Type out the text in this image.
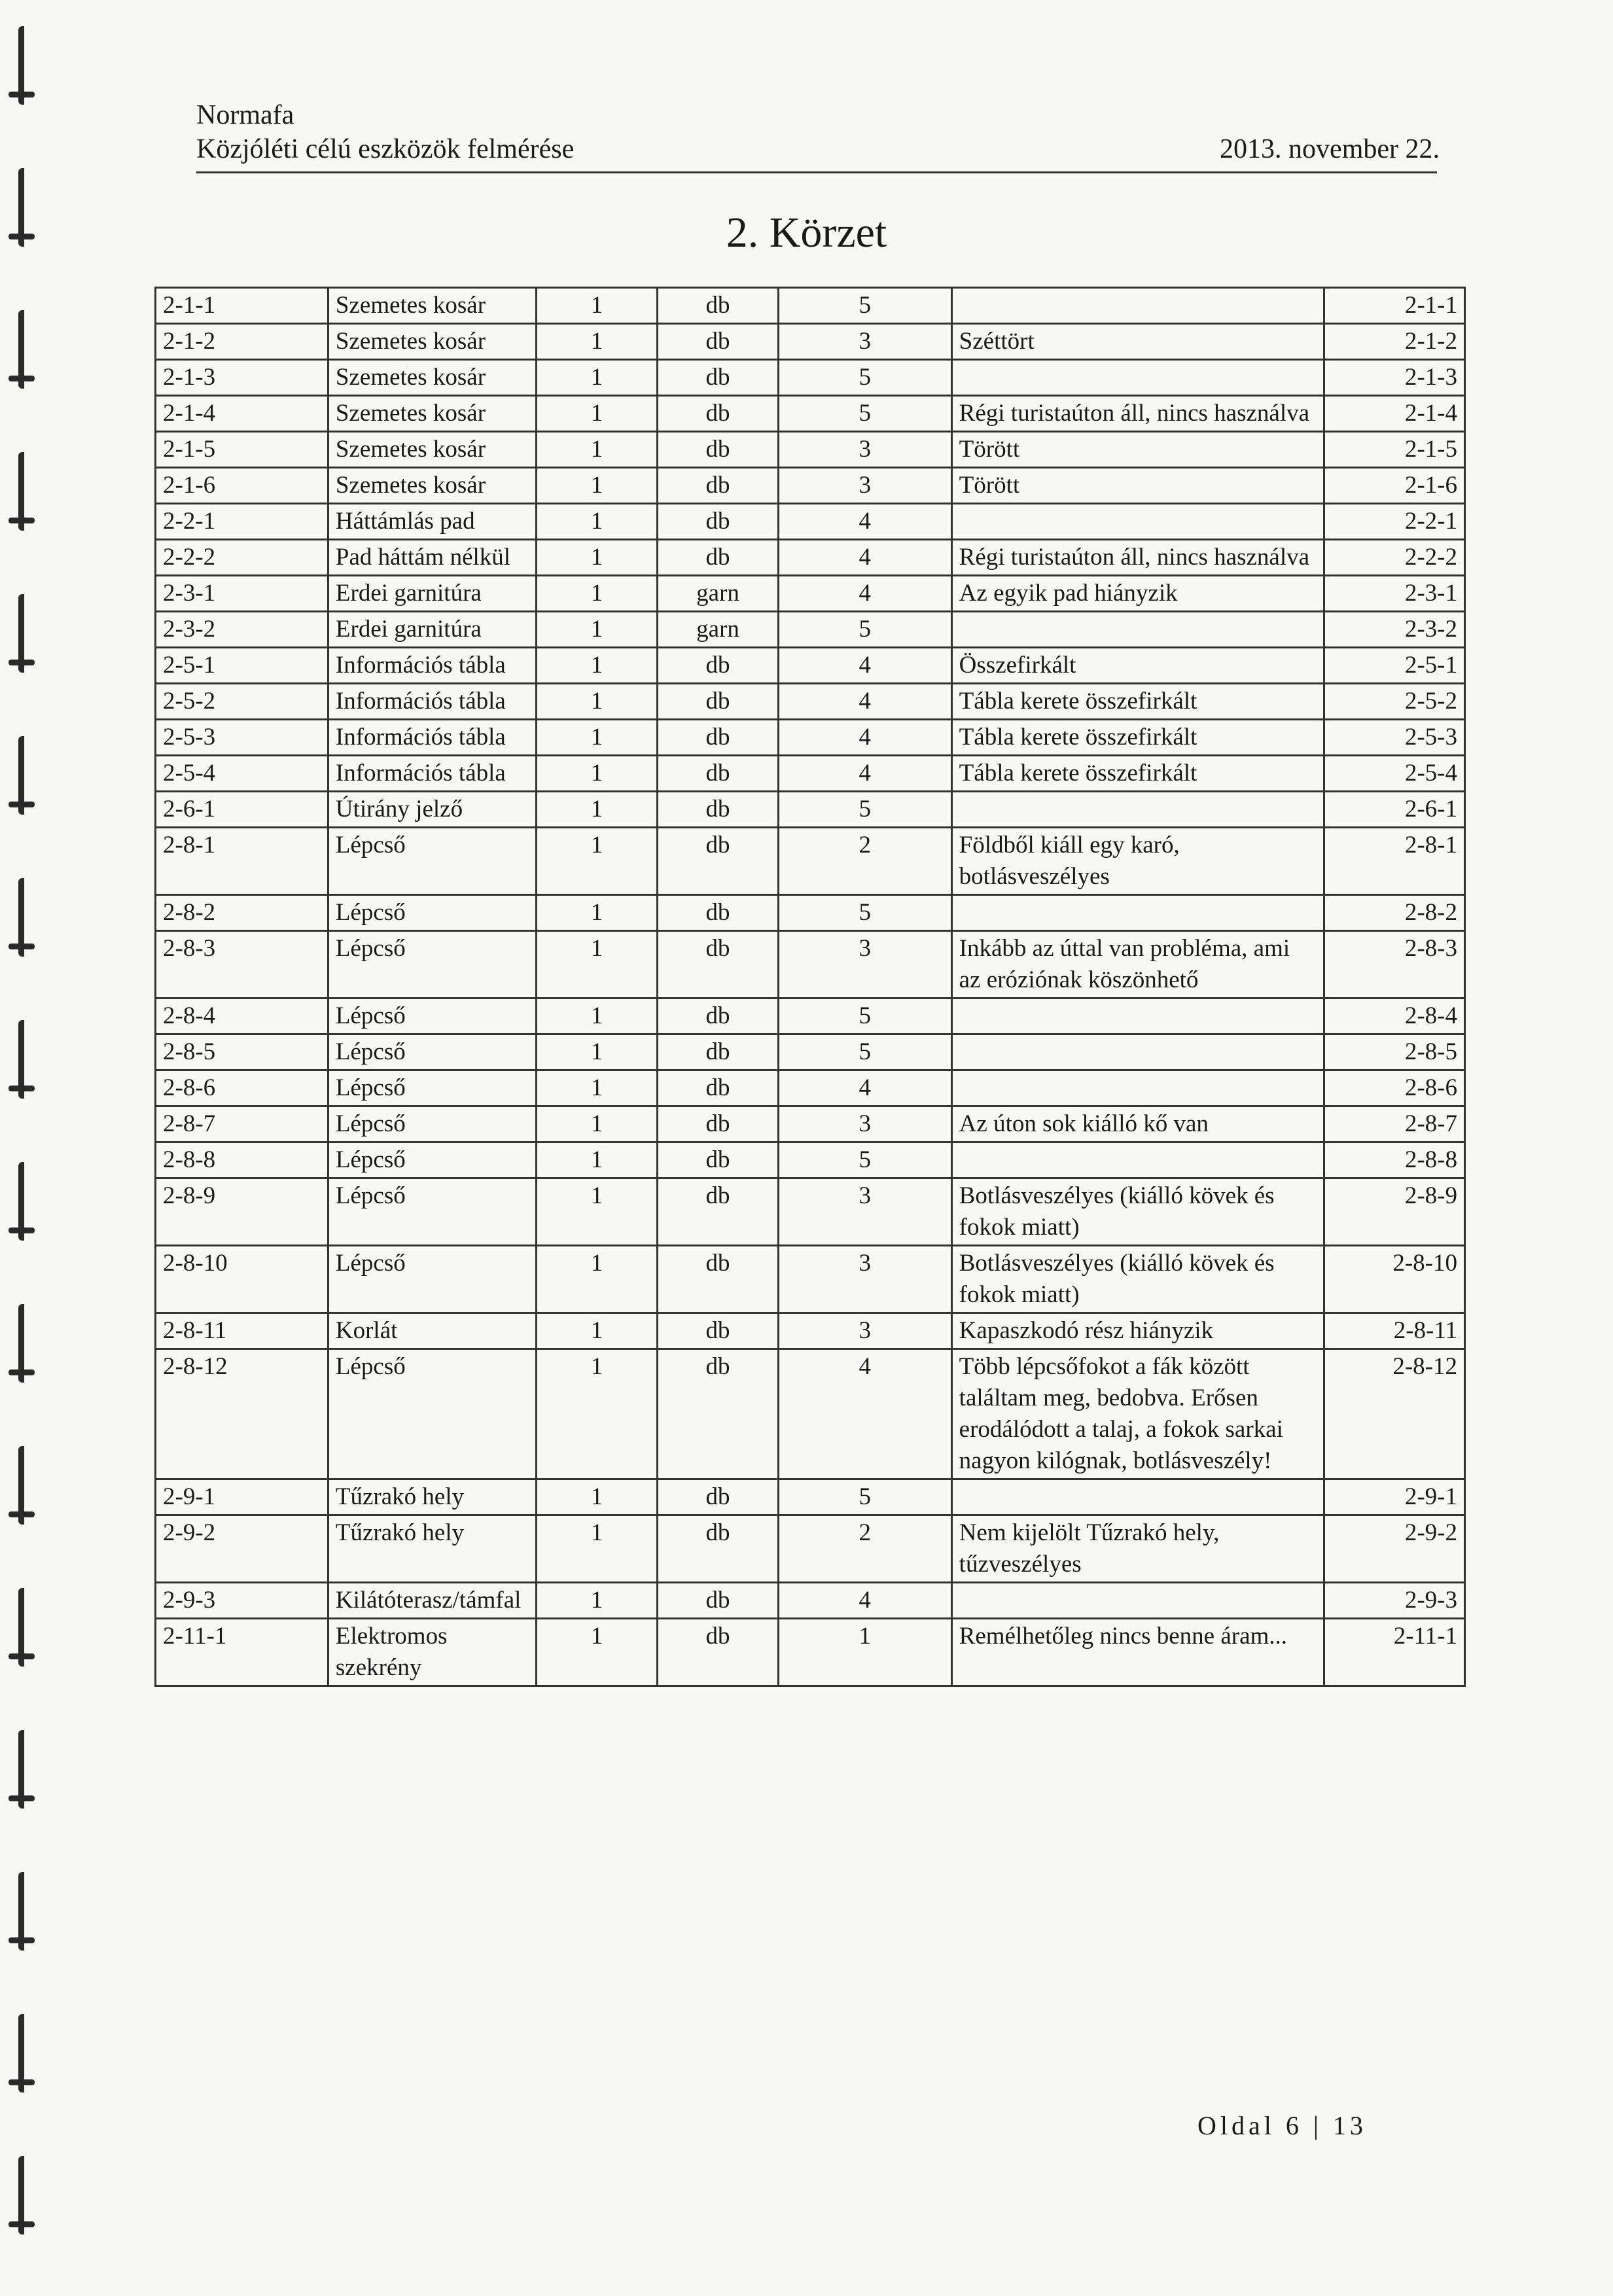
Normafa
Közjóléti célú eszközök felmérése	2013. november 22.
2. Körzet
2-1-1	Szemetes kosár	1	db	5		2-1-1
2-1-2	Szemetes kosár	1	db	3	Széttört	2-1-2
2-1-3	Szemetes kosár	1	db	5		2-1-3
2-1-4	Szemetes kosár	1	db	5	Régi turistaúton áll, nincs használva	2-1-4
2-1-5	Szemetes kosár	1	db	3	Törött	2-1-5
2-1-6	Szemetes kosár	1	db	3	Törött	2-1-6
2-2-1	Háttámlás pad	1	db	4		2-2-1
2-2-2	Pad háttám nélkül	1	db	4	Régi turistaúton áll, nincs használva	2-2-2
2-3-1	Erdei garnitúra	1	garn	4	Az egyik pad hiányzik	2-3-1
2-3-2	Erdei garnitúra	1	garn	5		2-3-2
2-5-1	Információs tábla	1	db	4	Összefirkált	2-5-1
2-5-2	Információs tábla	1	db	4	Tábla kerete összefirkált	2-5-2
2-5-3	Információs tábla	1	db	4	Tábla kerete összefirkált	2-5-3
2-5-4	Információs tábla	1	db	4	Tábla kerete összefirkált	2-5-4
2-6-1	Útirány jelző	1	db	5		2-6-1
2-8-1	Lépcső	1	db	2	Földből kiáll egy karó, botlásveszélyes	2-8-1
2-8-2	Lépcső	1	db	5		2-8-2
2-8-3	Lépcső	1	db	3	Inkább az úttal van probléma, ami az eróziónak köszönhető	2-8-3
2-8-4	Lépcső	1	db	5		2-8-4
2-8-5	Lépcső	1	db	5		2-8-5
2-8-6	Lépcső	1	db	4		2-8-6
2-8-7	Lépcső	1	db	3	Az úton sok kiálló kő van	2-8-7
2-8-8	Lépcső	1	db	5		2-8-8
2-8-9	Lépcső	1	db	3	Botlásveszélyes (kiálló kövek és fokok miatt)	2-8-9
2-8-10	Lépcső	1	db	3	Botlásveszélyes (kiálló kövek és fokok miatt)	2-8-10
2-8-11	Korlát	1	db	3	Kapaszkodó rész hiányzik	2-8-11
2-8-12	Lépcső	1	db	4	Több lépcsőfokot a fák között találtam meg, bedobva. Erősen erodálódott a talaj, a fokok sarkai nagyon kilógnak, botlásveszély!	2-8-12
2-9-1	Tűzrakó hely	1	db	5		2-9-1
2-9-2	Tűzrakó hely	1	db	2	Nem kijelölt Tűzrakó hely, tűzveszélyes	2-9-2
2-9-3	Kilátóterasz/támfal	1	db	4		2-9-3
2-11-1	Elektromos szekrény	1	db	1	Remélhetőleg nincs benne áram...	2-11-1
Oldal 6 | 13
